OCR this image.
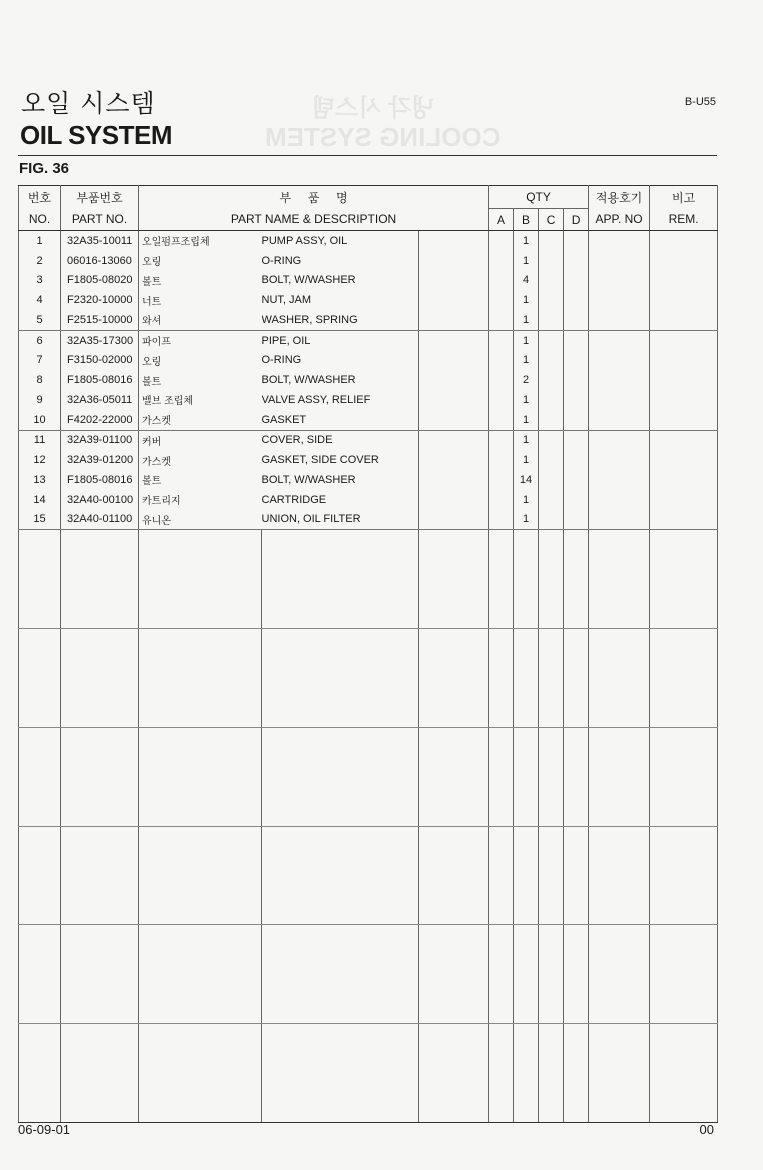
냉각 시스템
COOLING SYSTEM
오일 시스템
OIL SYSTEM
B-U55
FIG. 36
번호	부품번호	부     품     명			QTY				적용호기	비고
NO.	PART NO.	PART NAME & DESCRIPTION			A	B	C	D	APP. NO	REM.
1	32A35-10011	오일펌프조립체	PUMP ASSY, OIL			1				
2	06016-13060	오링	O-RING			1				
3	F1805-08020	볼트	BOLT, W/WASHER			4				
4	F2320-10000	너트	NUT, JAM			1				
5	F2515-10000	와셔	WASHER, SPRING			1				
6	32A35-17300	파이프	PIPE, OIL			1				
7	F3150-02000	오링	O-RING			1				
8	F1805-08016	볼트	BOLT, W/WASHER			2				
9	32A36-05011	밸브 조립체	VALVE ASSY, RELIEF			1				
10	F4202-22000	가스켓	GASKET			1				
11	32A39-01100	커버	COVER, SIDE			1				
12	32A39-01200	가스켓	GASKET, SIDE COVER			1				
13	F1805-08016	볼트	BOLT, W/WASHER			14				
14	32A40-00100	카트리지	CARTRIDGE			1				
15	32A40-01100	유니온	UNION, OIL FILTER			1				

06-09-01	00
